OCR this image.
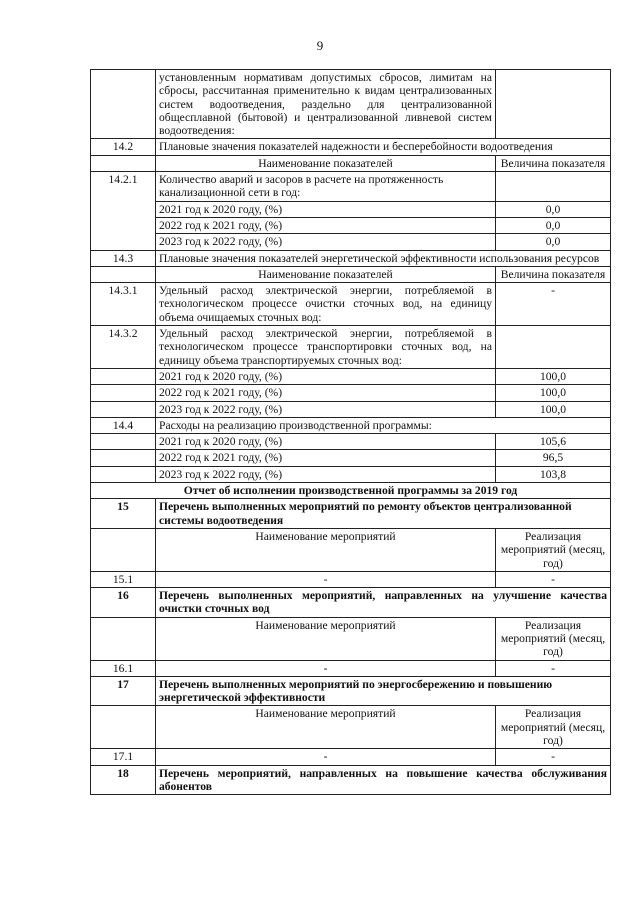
9
	установленным нормативам допустимых сбросов, лимитам на сбросы, рассчитанная применительно к видам централизованных систем водоотведения, раздельно для централизованной общесплавной (бытовой) и централизованной ливневой систем водоотведения:	
14.2	Плановые значения показателей надежности и бесперебойности водоотведения	
	Наименование показателей	Величина показателя
14.2.1	Количество аварий и засоров в расчете на протяженность канализационной сети в год:	
	2021 год к 2020 году, (%)	0,0
	2022 год к 2021 году, (%)	0,0
	2023 год к 2022 году, (%)	0,0
14.3	Плановые значения показателей энергетической эффективности использования ресурсов	
	Наименование показателей	Величина показателя
14.3.1	Удельный расход электрической энергии, потребляемой в технологическом процессе очистки сточных вод, на единицу объема очищаемых сточных вод:	-
14.3.2	Удельный расход электрической энергии, потребляемой в технологическом процессе транспортировки сточных вод, на единицу объема транспортируемых сточных вод:	
	2021 год к 2020 году, (%)	100,0
	2022 год к 2021 году, (%)	100,0
	2023 год к 2022 году, (%)	100,0
14.4	Расходы на реализацию производственной программы:	
	2021 год к 2020 году, (%)	105,6
	2022 год к 2021 году, (%)	96,5
	2023 год к 2022 году, (%)	103,8
Отчет об исполнении производственной программы за 2019 год		
15	Перечень выполненных мероприятий по ремонту объектов централизованной системы водоотведения	
	Наименование мероприятий	Реализация мероприятий (месяц, год)
15.1	-	-
16	Перечень выполненных мероприятий, направленных на улучшение качества очистки сточных вод	
	Наименование мероприятий	Реализация мероприятий (месяц, год)
16.1	-	-
17	Перечень выполненных мероприятий по энергосбережению и повышению энергетической эффективности	
	Наименование мероприятий	Реализация мероприятий (месяц, год)
17.1	-	-
18	Перечень мероприятий, направленных на повышение качества обслуживания абонентов	
